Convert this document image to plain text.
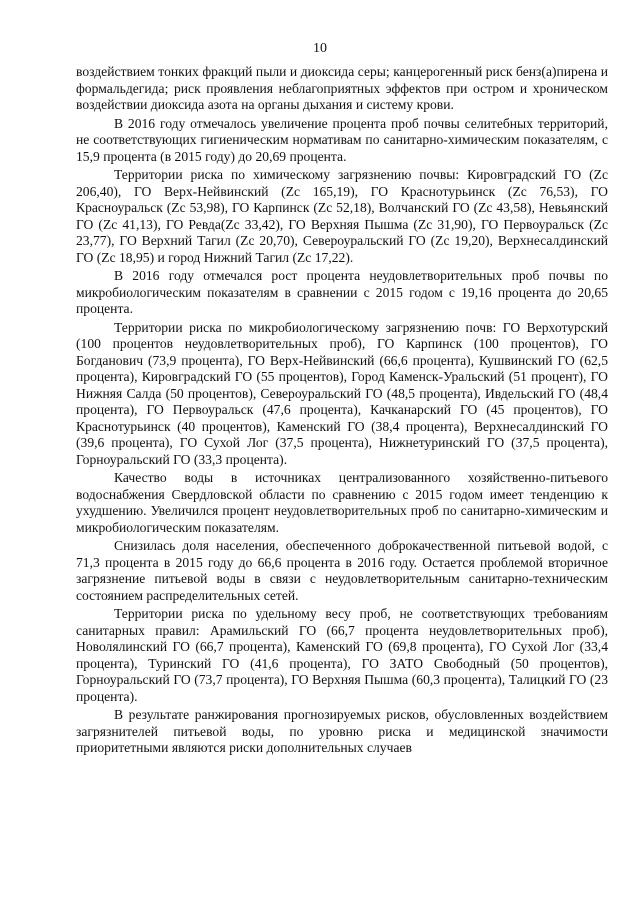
10

воздействием тонких фракций пыли и диоксида серы; канцерогенный риск бенз(а)пирена и формальдегида; риск проявления неблагоприятных эффектов при остром и хроническом воздействии диоксида азота на органы дыхания и систему крови.

В 2016 году отмечалось увеличение процента проб почвы селитебных территорий, не соответствующих гигиеническим нормативам по санитарно-химическим показателям, с 15,9 процента (в 2015 году) до 20,69 процента.

Территории риска по химическому загрязнению почвы: Кировградский ГО (Zc 206,40), ГО Верх-Нейвинский (Zc 165,19), ГО Краснотурьинск (Zc 76,53), ГО Красноуральск (Zc 53,98), ГО Карпинск (Zc 52,18), Волчанский ГО (Zc 43,58), Невьянский ГО (Zc 41,13), ГО Ревда(Zc 33,42), ГО Верхняя Пышма (Zc 31,90), ГО Первоуральск (Zc 23,77), ГО Верхний Тагил (Zc 20,70), Североуральский ГО (Zc 19,20), Верхнесалдинский ГО (Zc 18,95) и город Нижний Тагил (Zc 17,22).

В 2016 году отмечался рост процента неудовлетворительных проб почвы по микробиологическим показателям в сравнении с 2015 годом с 19,16 процента до 20,65 процента.

Территории риска по микробиологическому загрязнению почв: ГО Верхотурский (100 процентов неудовлетворительных проб), ГО Карпинск (100 процентов), ГО Богданович (73,9 процента), ГО Верх-Нейвинский (66,6 процента), Кушвинский ГО (62,5 процента), Кировградский ГО (55 процентов), Город Каменск-Уральский (51 процент), ГО Нижняя Салда (50 процентов), Североуральский ГО (48,5 процента), Ивдельский ГО (48,4 процента), ГО Первоуральск (47,6 процента), Качканарский ГО (45 процентов), ГО Краснотурьинск (40 процентов), Каменский ГО (38,4 процента), Верхнесалдинский ГО (39,6 процента), ГО Сухой Лог (37,5 процента), Нижнетуринский ГО (37,5 процента), Горноуральский ГО (33,3 процента).

Качество воды в источниках централизованного хозяйственно-питьевого водоснабжения Свердловской области по сравнению с 2015 годом имеет тенденцию к ухудшению. Увеличился процент неудовлетворительных проб по санитарно-химическим и микробиологическим показателям.

Снизилась доля населения, обеспеченного доброкачественной питьевой водой, с 71,3 процента в 2015 году до 66,6 процента в 2016 году. Остается проблемой вторичное загрязнение питьевой воды в связи с неудовлетворительным санитарно-техническим состоянием распределительных сетей.

Территории риска по удельному весу проб, не соответствующих требованиям санитарных правил: Арамильский ГО (66,7 процента неудовлетворительных проб), Новолялинский ГО (66,7 процента), Каменский ГО (69,8 процента), ГО Сухой Лог (33,4 процента), Туринский ГО (41,6 процента), ГО ЗАТО Свободный (50 процентов), Горноуральский ГО (73,7 процента), ГО Верхняя Пышма (60,3 процента), Талицкий ГО (23 процента).

В результате ранжирования прогнозируемых рисков, обусловленных воздействием загрязнителей питьевой воды, по уровню риска и медицинской значимости приоритетными являются риски дополнительных случаев
